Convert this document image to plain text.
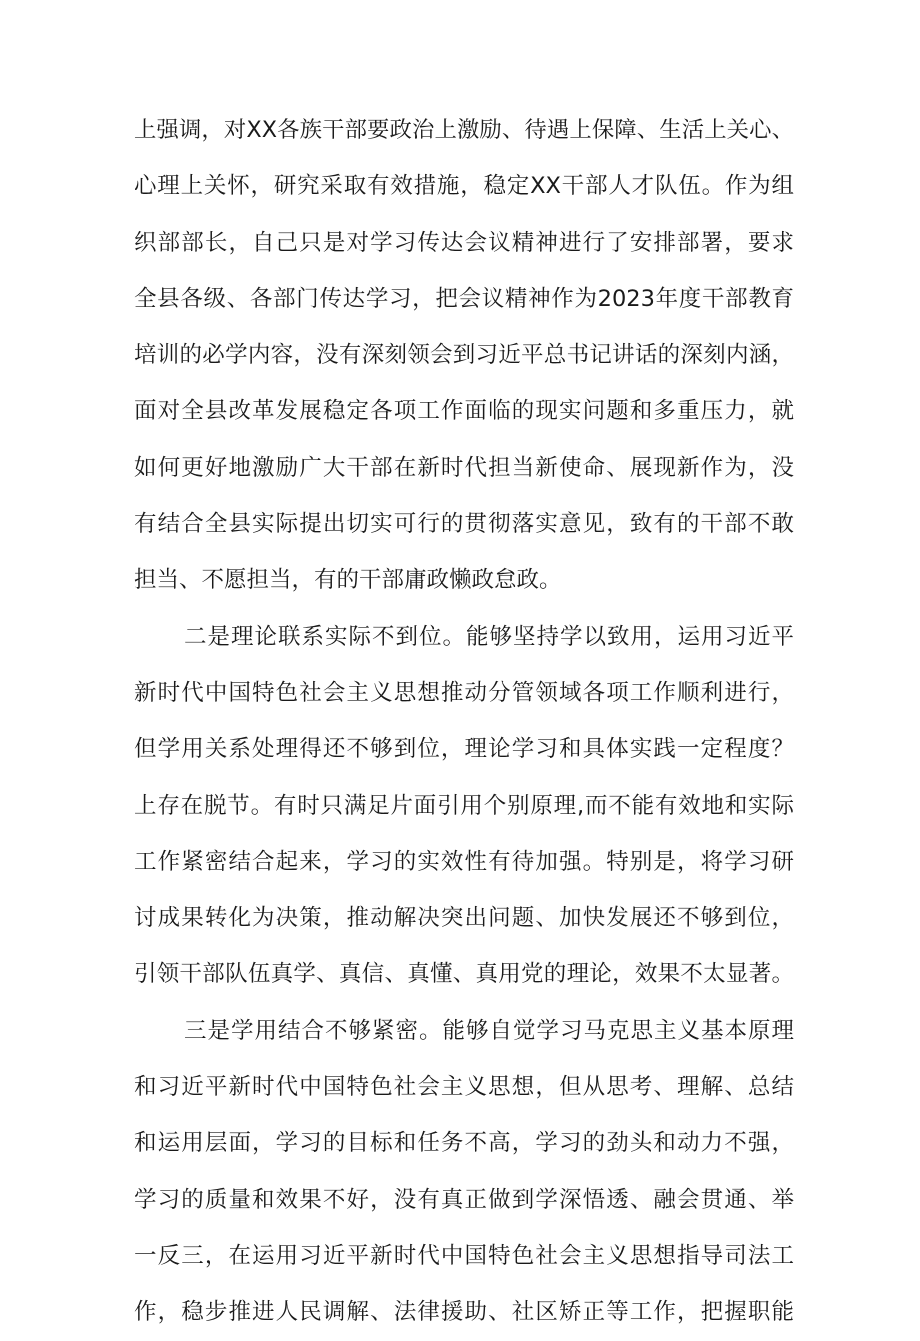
上强调，对XX各族干部要政治上激励、待遇上保障、生活上关心、
心理上关怀，研究采取有效措施，稳定XX干部人才队伍。作为组
织部部长，自己只是对学习传达会议精神进行了安排部署，要求
全县各级、各部门传达学习，把会议精神作为2023年度干部教育
培训的必学内容，没有深刻领会到习近平总书记讲话的深刻内涵，
面对全县改革发展稳定各项工作面临的现实问题和多重压力，就
如何更好地激励广大干部在新时代担当新使命、展现新作为，没
有结合全县实际提出切实可行的贯彻落实意见，致有的干部不敢
担当、不愿担当，有的干部庸政懒政怠政。
二是理论联系实际不到位。能够坚持学以致用，运用习近平
新时代中国特色社会主义思想推动分管领域各项工作顺利进行，
但学用关系处理得还不够到位，理论学习和具体实践一定程度？
上存在脱节。有时只满足片面引用个别原理,而不能有效地和实际
工作紧密结合起来，学习的实效性有待加强。特别是，将学习研
讨成果转化为决策，推动解决突出问题、加快发展还不够到位，
引领干部队伍真学、真信、真懂、真用党的理论，效果不太显著。
三是学用结合不够紧密。能够自觉学习马克思主义基本原理
和习近平新时代中国特色社会主义思想，但从思考、理解、总结
和运用层面，学习的目标和任务不高，学习的劲头和动力不强，
学习的质量和效果不好，没有真正做到学深悟透、融会贯通、举
一反三，在运用习近平新时代中国特色社会主义思想指导司法工
作，稳步推进人民调解、法律援助、社区矫正等工作，把握职能
